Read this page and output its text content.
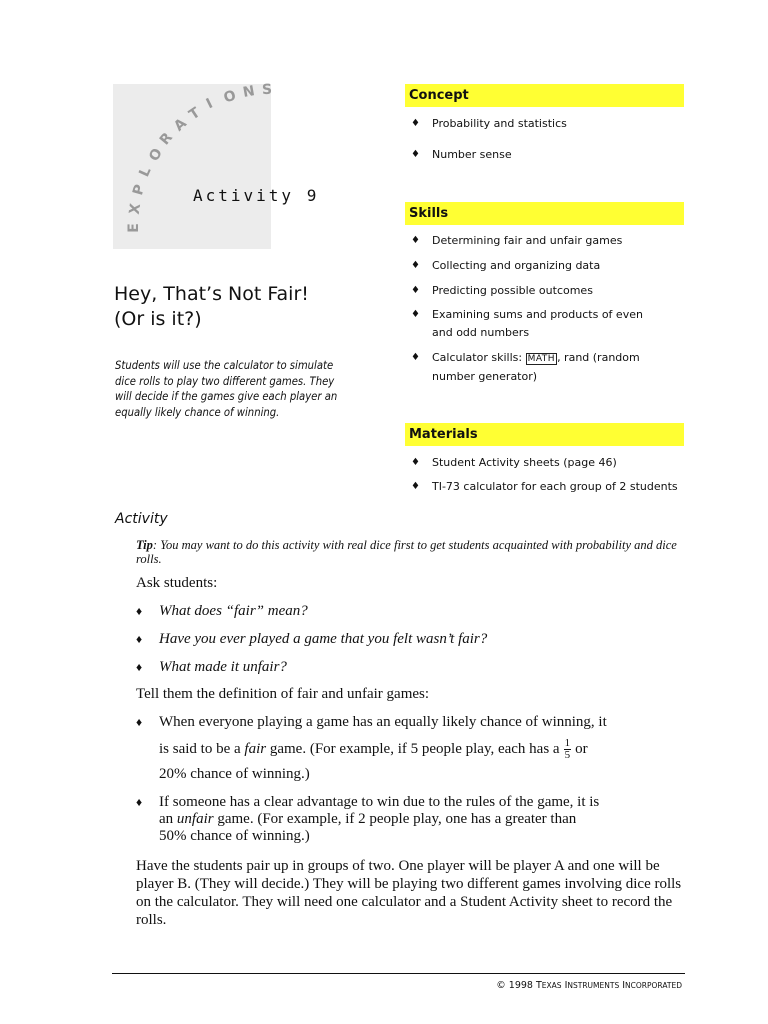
E
X
P
L
O
R
A
T
I O N S
Activity 9
Hey, That’s Not Fair!
(Or is it?)
Students will use the calculator to simulate dice rolls to play two different games. They will decide if the games give each player an equally likely chance of winning.
Concept
♦ Probability and statistics
♦ Number sense
Skills
♦ Determining fair and unfair games
♦ Collecting and organizing data
♦ Predicting possible outcomes
♦ Examining sums and products of even and odd numbers
♦ Calculator skills: MATH , rand (random number generator)
Materials
♦ Student Activity sheets (page 46)
♦ TI-73 calculator for each group of 2 students
Activity
Tip: You may want to do this activity with real dice first to get students acquainted with probability and dice rolls.
Ask students:
♦ What does “fair” mean?
♦ Have you ever played a game that you felt wasn’t fair?
♦ What made it unfair?
Tell them the definition of fair and unfair games:
♦ When everyone playing a game has an equally likely chance of winning, it
is said to be a fair game. (For example, if 5 people play, each has a $\frac{1}{5}$ or
20% chance of winning.)
♦ If someone has a clear advantage to win due to the rules of the game, it is
an unfair game. (For example, if 2 people play, one has a greater than
50% chance of winning.)
Have the students pair up in groups of two. One player will be player A and one will be player B. (They will decide.) They will be playing two different games involving dice rolls on the calculator. They will need one calculator and a Student Activity sheet to record the rolls.
© 1998 TEXAS INSTRUMENTS INCORPORATED
